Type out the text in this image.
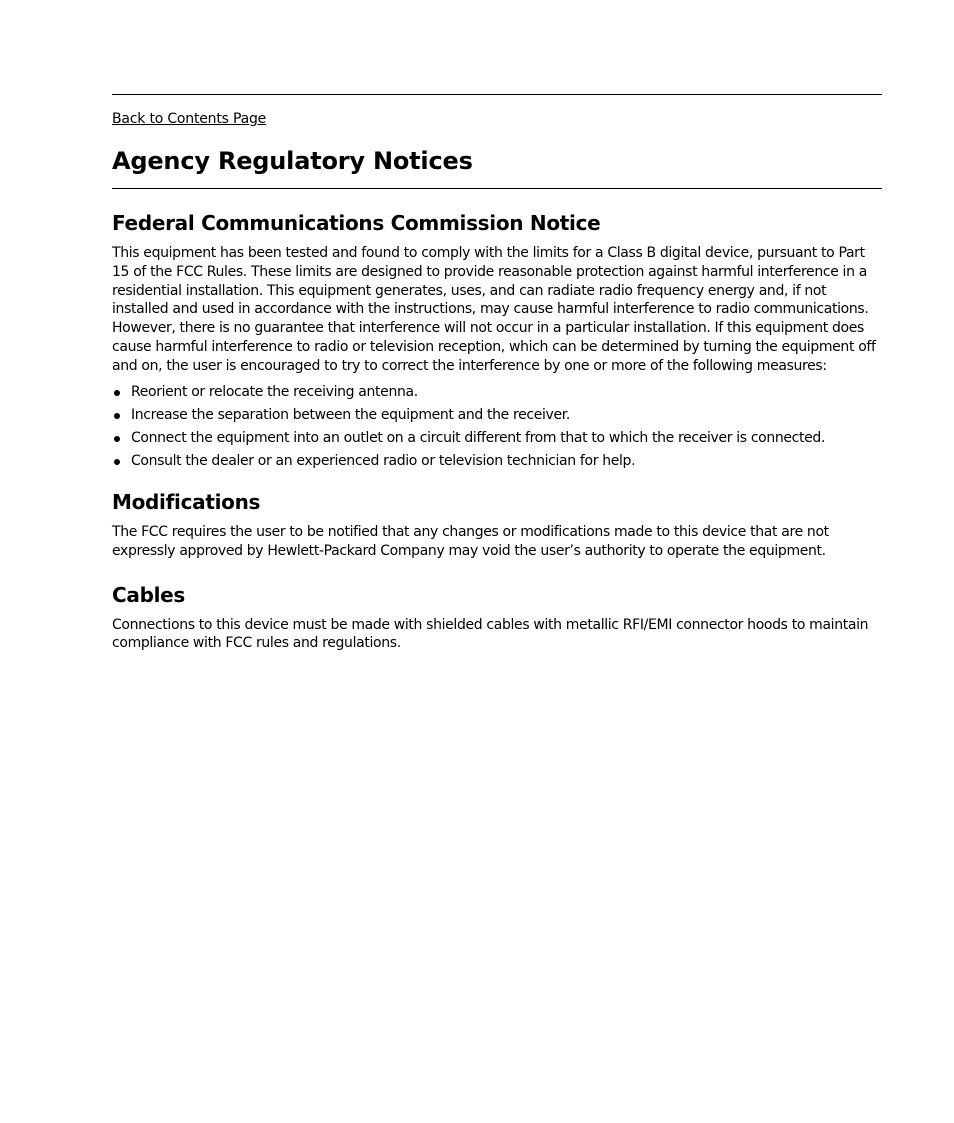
Back to Contents Page
Agency Regulatory Notices
Federal Communications Commission Notice

This equipment has been tested and found to comply with the limits for a Class B digital device, pursuant to Part 15 of the FCC Rules. These limits are designed to provide reasonable protection against harmful interference in a residential installation. This equipment generates, uses, and can radiate radio frequency energy and, if not installed and used in accordance with the instructions, may cause harmful interference to radio communications. However, there is no guarantee that interference will not occur in a particular installation. If this equipment does cause harmful interference to radio or television reception, which can be determined by turning the equipment off and on, the user is encouraged to try to correct the interference by one or more of the following measures:

Reorient or relocate the receiving antenna.
Increase the separation between the equipment and the receiver.
Connect the equipment into an outlet on a circuit different from that to which the receiver is connected.
Consult the dealer or an experienced radio or television technician for help.
Modifications

The FCC requires the user to be notified that any changes or modifications made to this device that are not expressly approved by Hewlett-Packard Company may void the user’s authority to operate the equipment.

Cables

Connections to this device must be made with shielded cables with metallic RFI/EMI connector hoods to maintain compliance with FCC rules and regulations.
